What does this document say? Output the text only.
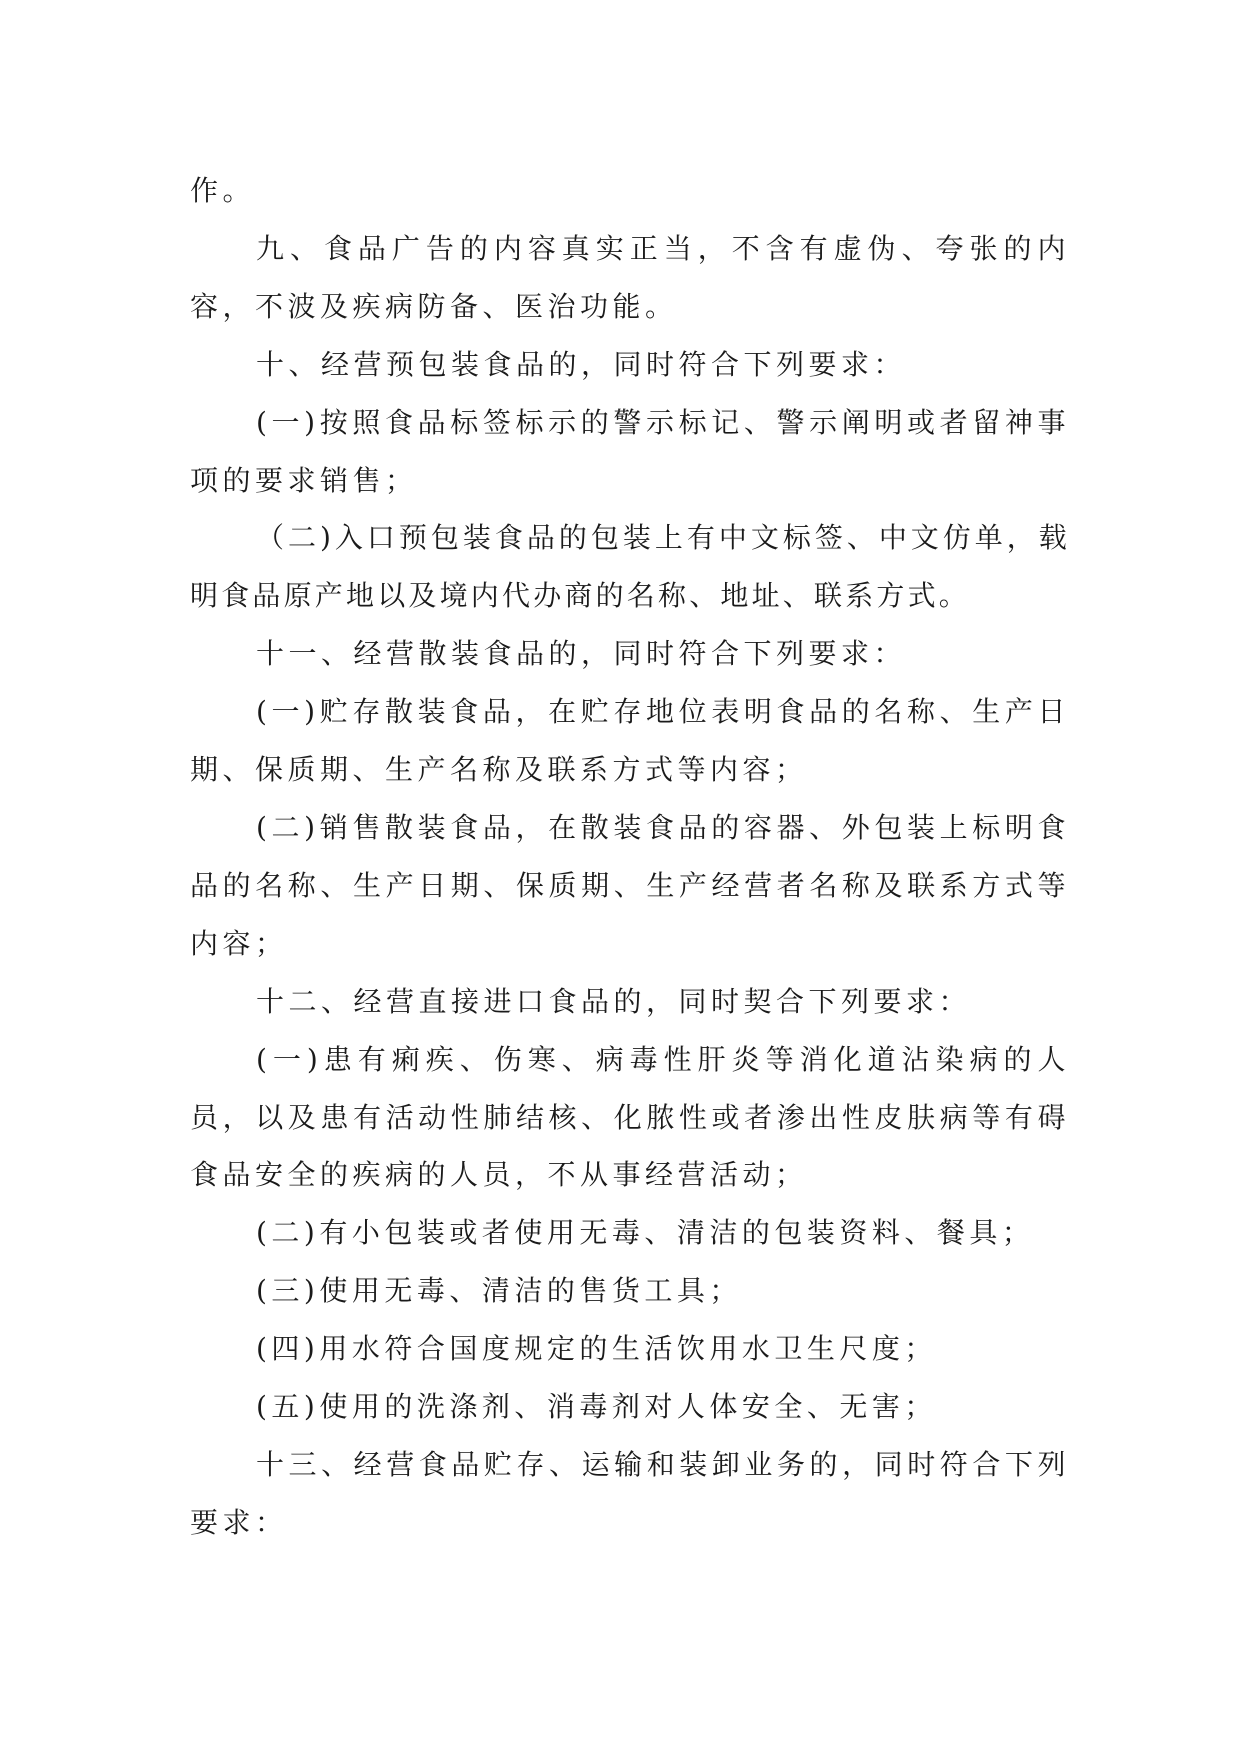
作。

九、食品广告的内容真实正当，不含有虚伪、夸张的内容，不波及疾病防备、医治功能。

十、经营预包装食品的，同时符合下列要求：

(一)按照食品标签标示的警示标记、警示阐明或者留神事项的要求销售；

（二)入口预包装食品的包装上有中文标签、中文仿单，载明食品原产地以及境内代办商的名称、地址、联系方式。

十一、经营散装食品的，同时符合下列要求：

(一)贮存散装食品，在贮存地位表明食品的名称、生产日期、保质期、生产名称及联系方式等内容；

(二)销售散装食品，在散装食品的容器、外包装上标明食品的名称、生产日期、保质期、生产经营者名称及联系方式等内容；

十二、经营直接进口食品的，同时契合下列要求：

(一)患有痢疾、伤寒、病毒性肝炎等消化道沾染病的人员，以及患有活动性肺结核、化脓性或者渗出性皮肤病等有碍食品安全的疾病的人员，不从事经营活动；

(二)有小包装或者使用无毒、清洁的包装资料、餐具；

(三)使用无毒、清洁的售货工具；

(四)用水符合国度规定的生活饮用水卫生尺度；

(五)使用的洗涤剂、消毒剂对人体安全、无害；

十三、经营食品贮存、运输和装卸业务的，同时符合下列要求：
